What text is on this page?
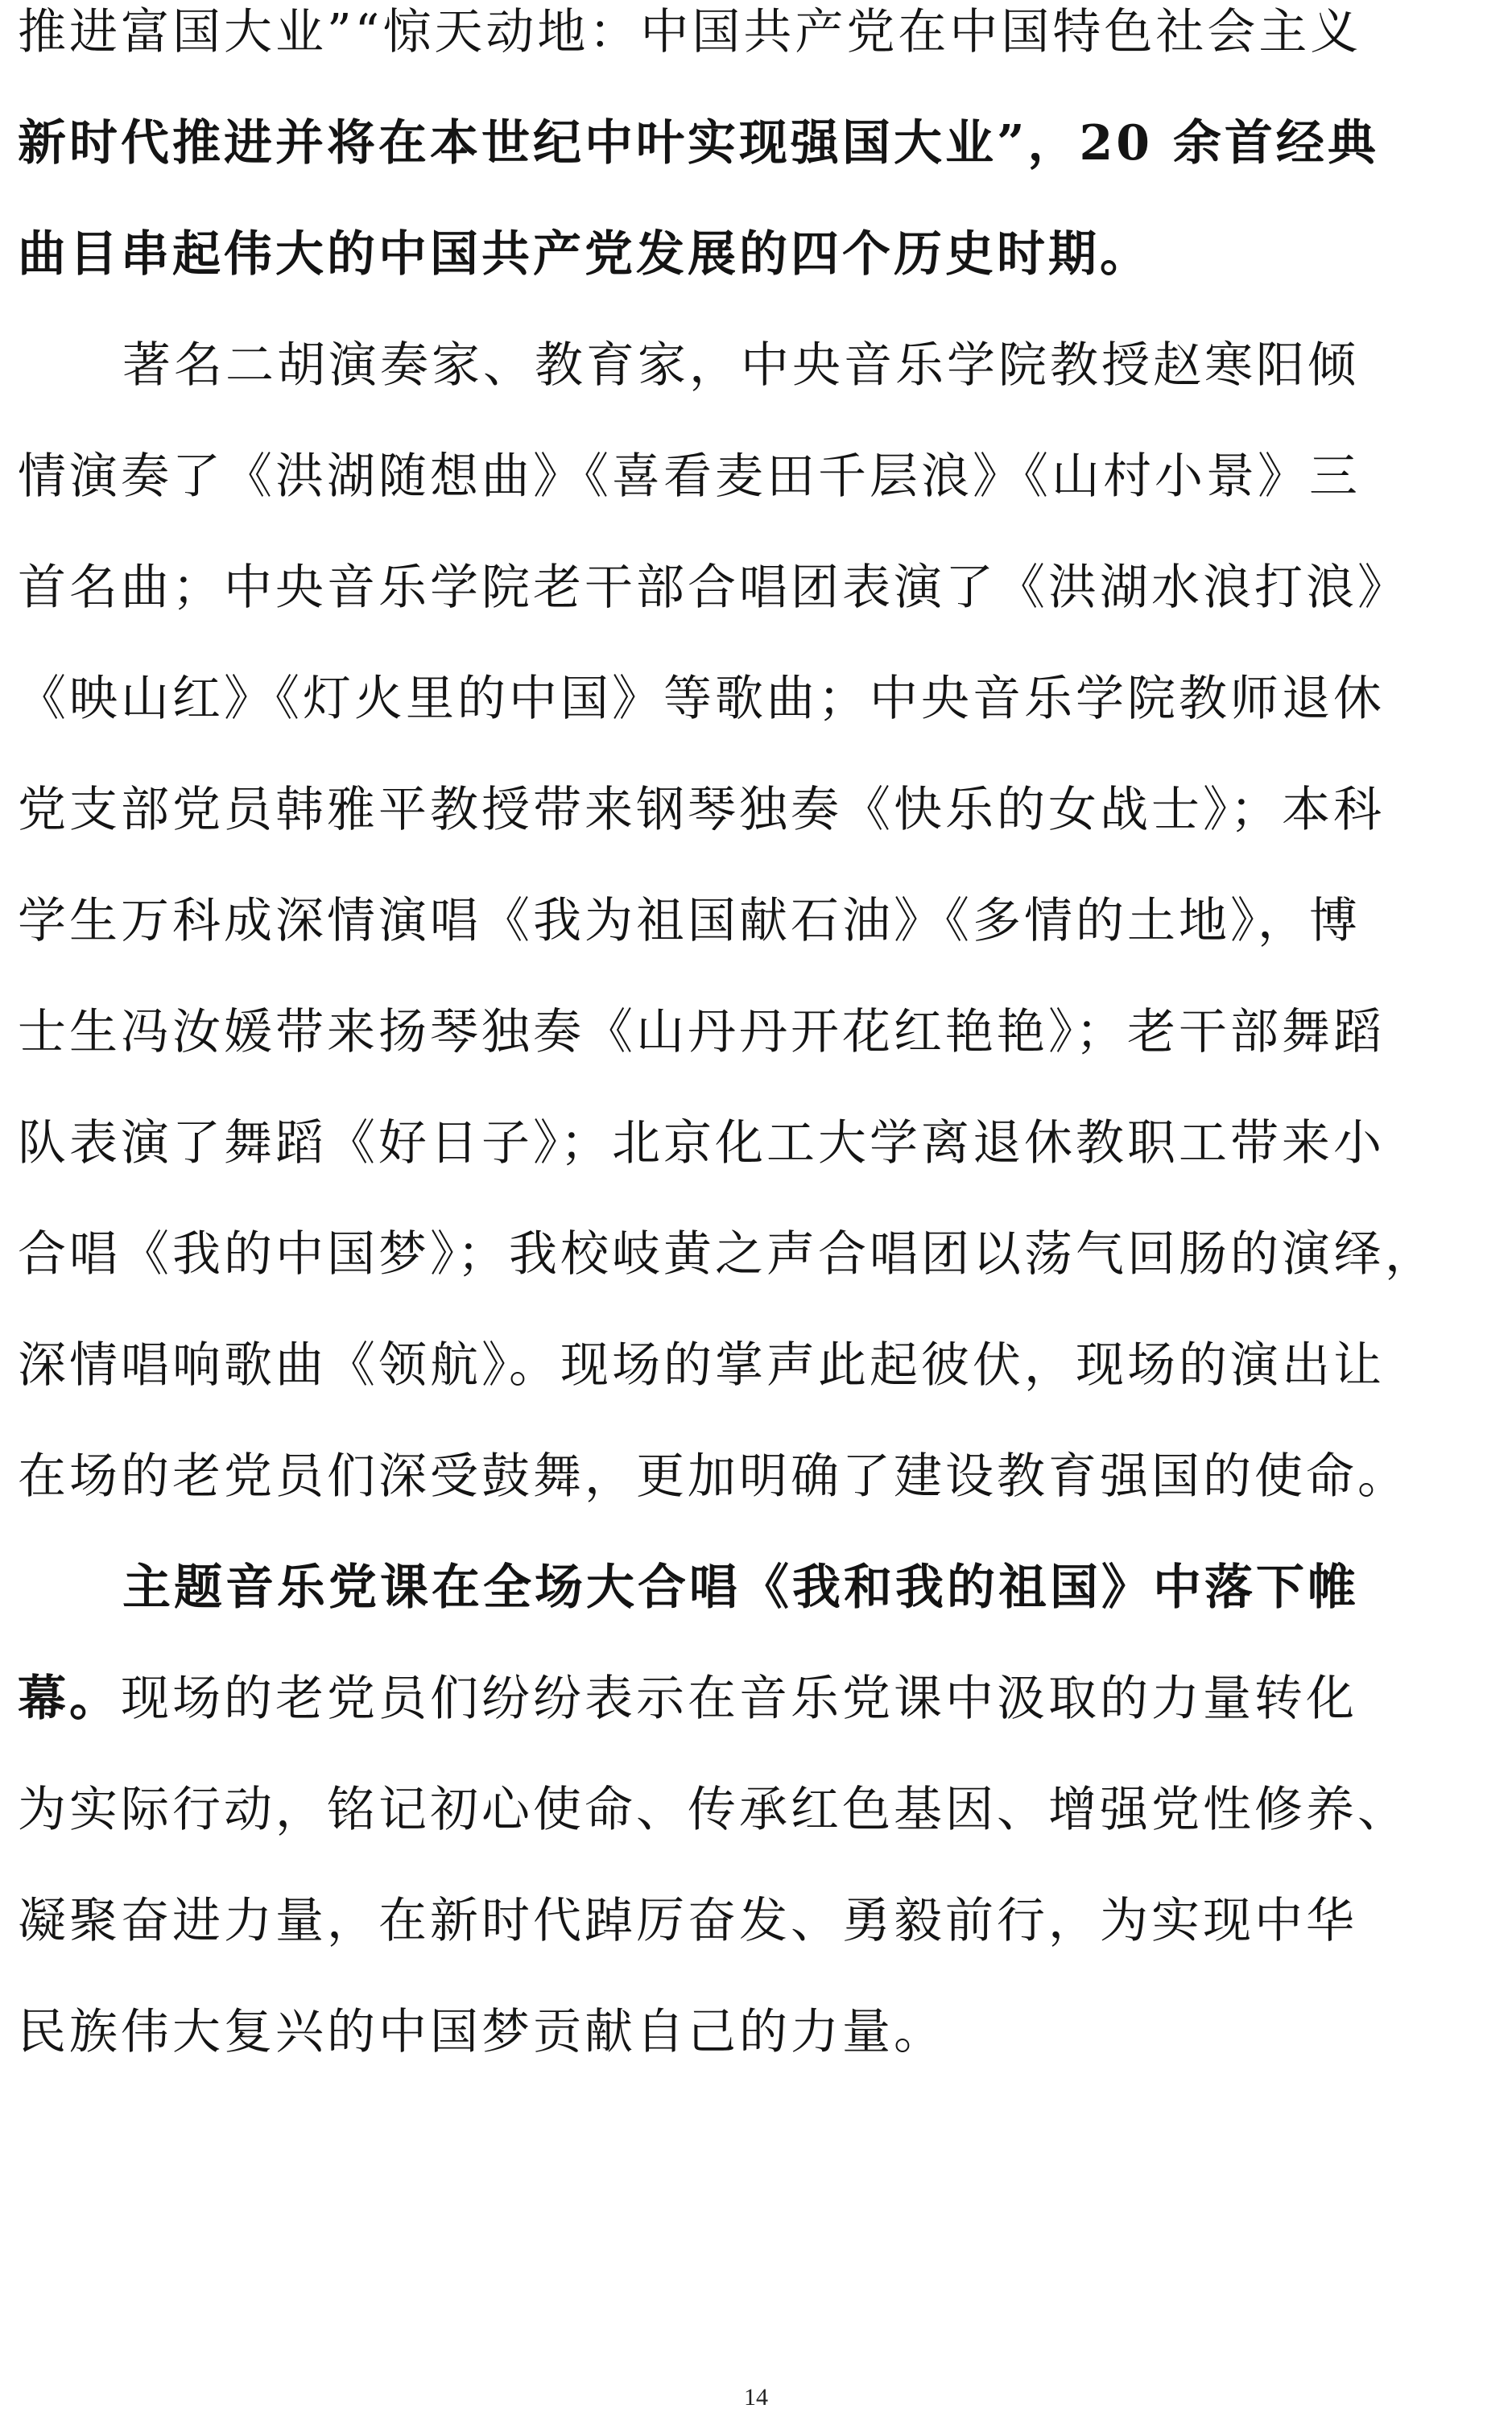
推进富国大业”“惊天动地：中国共产党在中国特色社会主义
新时代推进并将在本世纪中叶实现强国大业”，20 余首经典
曲目串起伟大的中国共产党发展的四个历史时期。
著名二胡演奏家、教育家，中央音乐学院教授赵寒阳倾
情演奏了《洪湖随想曲》《喜看麦田千层浪》《山村小景》三
首名曲；中央音乐学院老干部合唱团表演了《洪湖水浪打浪》
《映山红》《灯火里的中国》等歌曲；中央音乐学院教师退休
党支部党员韩雅平教授带来钢琴独奏《快乐的女战士》；本科
学生万科成深情演唱《我为祖国献石油》《多情的土地》，博
士生冯汝媛带来扬琴独奏《山丹丹开花红艳艳》；老干部舞蹈
队表演了舞蹈《好日子》；北京化工大学离退休教职工带来小
合唱《我的中国梦》；我校岐黄之声合唱团以荡气回肠的演绎，
深情唱响歌曲《领航》。现场的掌声此起彼伏，现场的演出让
在场的老党员们深受鼓舞，更加明确了建设教育强国的使命。
主题音乐党课在全场大合唱《我和我的祖国》中落下帷
幕。现场的老党员们纷纷表示在音乐党课中汲取的力量转化
为实际行动，铭记初心使命、传承红色基因、增强党性修养、
凝聚奋进力量，在新时代踔厉奋发、勇毅前行，为实现中华
民族伟大复兴的中国梦贡献自己的力量。
14
